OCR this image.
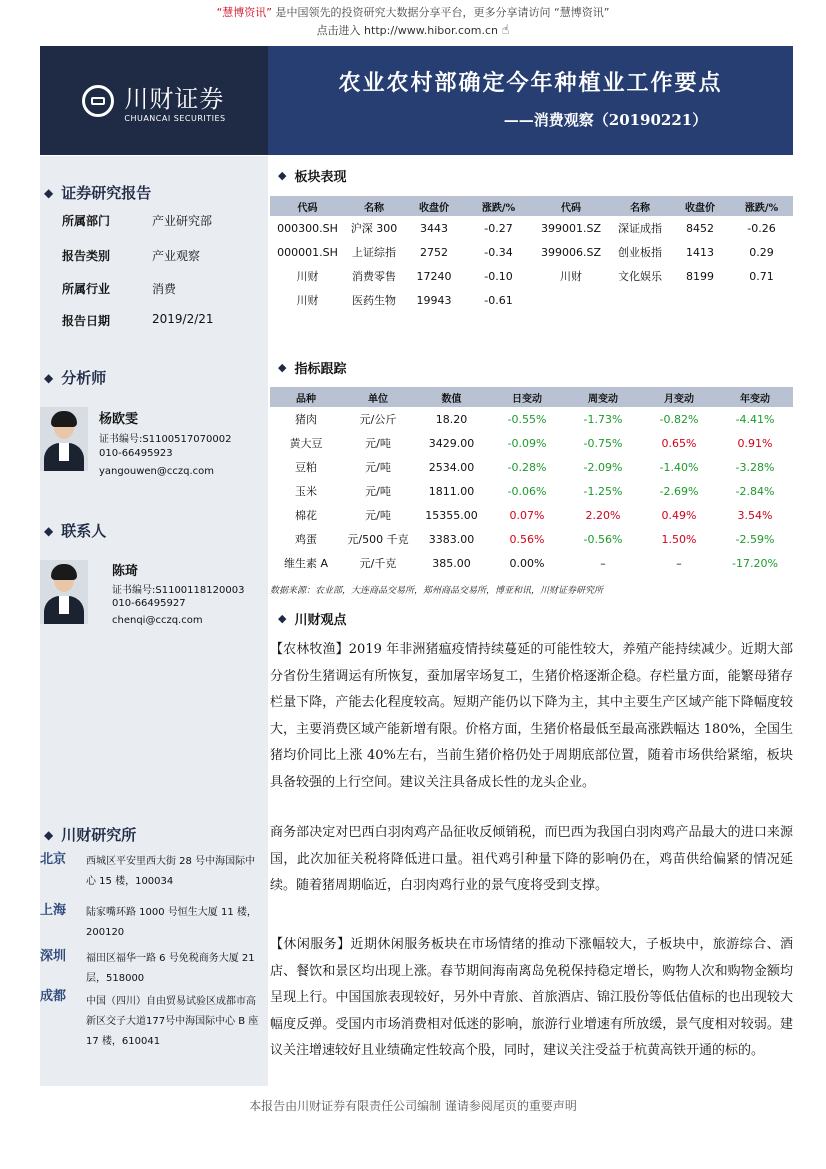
“慧博资讯” 是中国领先的投资研究大数据分享平台，更多分享请访问 “慧博资讯”
点击进入 http://www.hibor.com.cn ☝
川财证券
CHUANCAI SECURITIES
农业农村部确定今年种植业工作要点
——消费观察（20190221）
◆ 证券研究报告
所属部门	产业研究部
报告类别	产业观察
所属行业	消费
报告日期	2019/2/21
◆ 分析师
杨欧雯
证书编号:S1100517070002
010-66495923
yangouwen@cczq.com
◆ 联系人
陈琦
证书编号:S1100118120003
010-66495927
chenqi@cczq.com
◆ 川财研究所
北京 西城区平安里西大街 28 号中海国际中心 15 楼，100034
上海 陆家嘴环路 1000 号恒生大厦 11 楼，200120
深圳 福田区福华一路 6 号免税商务大厦 21 层，518000
成都 中国（四川）自由贸易试验区成都市高新区交子大道177号中海国际中心 B 座 17 楼，610041
◆ 板块表现
代码	名称	收盘价	涨跌/%	代码	名称	收盘价	涨跌/%
000300.SH	沪深 300	3443	-0.27	399001.SZ	深证成指	8452	-0.26
000001.SH	上证综指	2752	-0.34	399006.SZ	创业板指	1413	0.29
川财	消费零售	17240	-0.10	川财	文化娱乐	8199	0.71
川财	医药生物	19943	-0.61				
◆ 指标跟踪
品种	单位	数值	日变动	周变动	月变动	年变动
猪肉	元/公斤	18.20	-0.55%	-1.73%	-0.82%	-4.41%
黄大豆	元/吨	3429.00	-0.09%	-0.75%	0.65%	0.91%
豆粕	元/吨	2534.00	-0.28%	-2.09%	-1.40%	-3.28%
玉米	元/吨	1811.00	-0.06%	-1.25%	-2.69%	-2.84%
棉花	元/吨	15355.00	0.07%	2.20%	0.49%	3.54%
鸡蛋	元/500 千克	3383.00	0.56%	-0.56%	1.50%	-2.59%
维生素 A	元/千克	385.00	0.00%	–	–	-17.20%
数据来源：农业部，大连商品交易所，郑州商品交易所，博亚和讯，川财证券研究所
◆ 川财观点
【农林牧渔】2019 年非洲猪瘟疫情持续蔓延的可能性较大，养殖产能持续减少。近期大部分省份生猪调运有所恢复，蚕加屠宰场复工，生猪价格逐渐企稳。存栏量方面，能繁母猪存栏量下降，产能去化程度较高。短期产能仍以下降为主，其中主要生产区域产能下降幅度较大，主要消费区域产能新增有限。价格方面，生猪价格最低至最高涨跌幅达 180%，全国生猪均价同比上涨 40%左右，当前生猪价格仍处于周期底部位置，随着市场供给紧缩，板块具备较强的上行空间。建议关注具备成长性的龙头企业。
商务部决定对巴西白羽肉鸡产品征收反倾销税，而巴西为我国白羽肉鸡产品最大的进口来源国，此次加征关税将降低进口量。祖代鸡引种量下降的影响仍在，鸡苗供给偏紧的情况延续。随着猪周期临近，白羽肉鸡行业的景气度将受到支撑。
【休闲服务】近期休闲服务板块在市场情绪的推动下涨幅较大，子板块中，旅游综合、酒店、餐饮和景区均出现上涨。春节期间海南离岛免税保持稳定增长，购物人次和购物金额均呈现上行。中国国旅表现较好，另外中青旅、首旅酒店、锦江股份等低估值标的也出现较大幅度反弹。受国内市场消费相对低迷的影响，旅游行业增速有所放缓，景气度相对较弱。建议关注增速较好且业绩确定性较高个股，同时，建议关注受益于杭黄高铁开通的标的。
本报告由川财证券有限责任公司编制 谨请参阅尾页的重要声明
